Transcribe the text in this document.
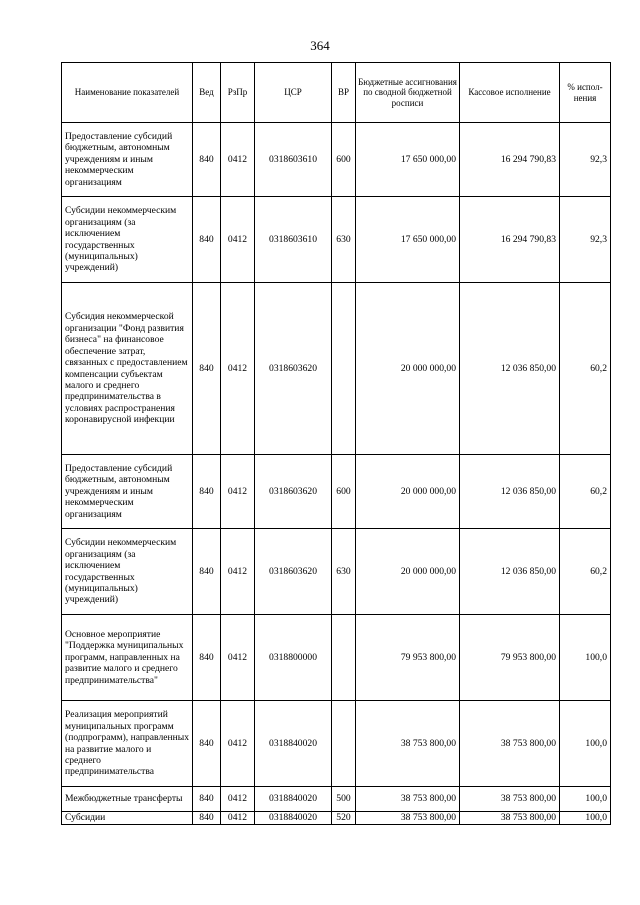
364
Наименование показателей	Вед	РзПр	ЦСР	ВР	Бюджетные ассигнования по сводной бюджетной росписи	Кассовое исполнение	% испол-нения
Предоставление субсидий бюджетным, автономным учреждениям и иным некоммерческим организациям	840	0412	0318603610	600	17 650 000,00	16 294 790,83	92,3
Субсидии некоммерческим организациям (за исключением государственных (муниципальных) учреждений)	840	0412	0318603610	630	17 650 000,00	16 294 790,83	92,3
Субсидия некоммерческой организации "Фонд развития бизнеса" на финансовое обеспечение затрат, связанных с предоставлением компенсации субъектам малого и среднего предпринимательства в условиях распространения коронавирусной инфекции	840	0412	0318603620		20 000 000,00	12 036 850,00	60,2
Предоставление субсидий бюджетным, автономным учреждениям и иным некоммерческим организациям	840	0412	0318603620	600	20 000 000,00	12 036 850,00	60,2
Субсидии некоммерческим организациям (за исключением государственных (муниципальных) учреждений)	840	0412	0318603620	630	20 000 000,00	12 036 850,00	60,2
Основное мероприятие "Поддержка муниципальных программ, направленных на развитие малого и среднего предпринимательства"	840	0412	0318800000		79 953 800,00	79 953 800,00	100,0
Реализация мероприятий муниципальных программ (подпрограмм), направленных на развитие малого и среднего предпринимательства	840	0412	0318840020		38 753 800,00	38 753 800,00	100,0
Межбюджетные трансферты	840	0412	0318840020	500	38 753 800,00	38 753 800,00	100,0
Субсидии	840	0412	0318840020	520	38 753 800,00	38 753 800,00	100,0
